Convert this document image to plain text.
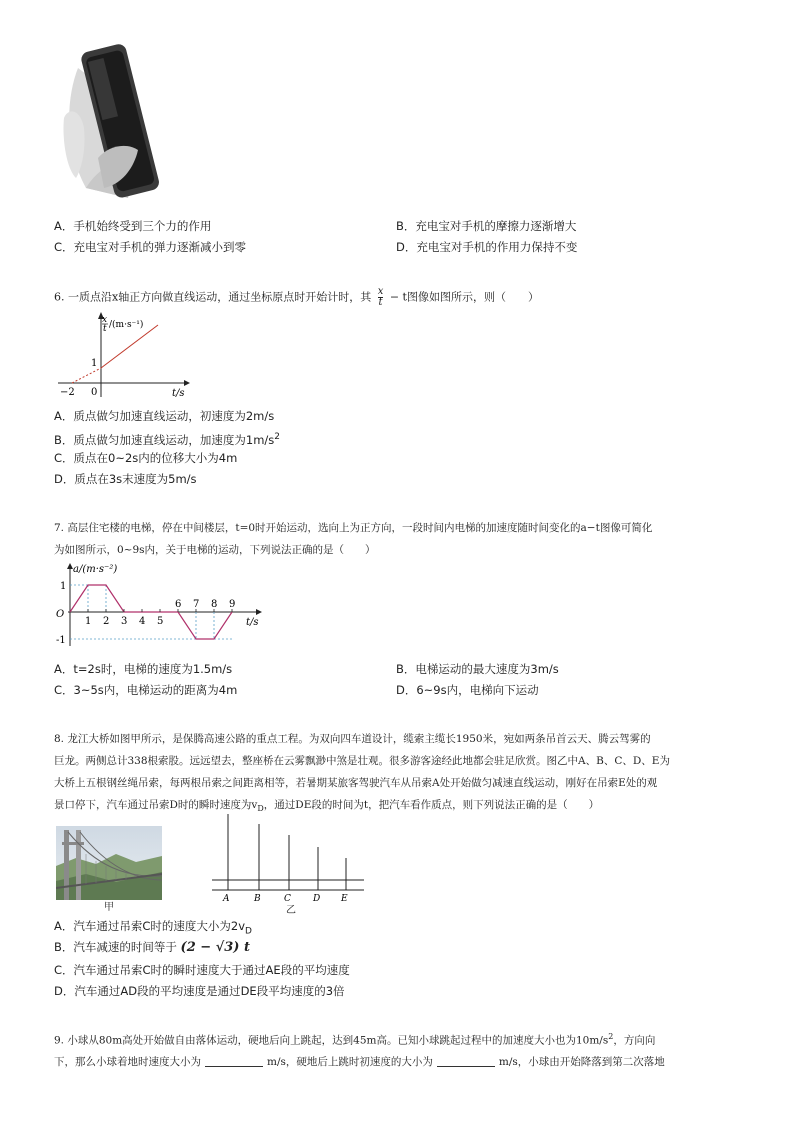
A．手机始终受到三个力的作用	B．充电宝对手机的摩擦力逐渐增大
C．充电宝对手机的弹力逐渐减小到零	D．充电宝对手机的作用力保持不变
6. 一质点沿x轴正方向做直线运动，通过坐标原点时开始计时，其 $\frac{x}{t} - t$图像如图所示，则（　　）
x
t /(m·s⁻¹)
1
−2 0	t/s
A．质点做匀加速直线运动，初速度为2m/s
B．质点做匀加速直线运动，加速度为$1m/s^2$
C．质点在0~2s内的位移大小为4m
D．质点在3s末速度为5m/s
7. 高层住宅楼的电梯，停在中间楼层，t=0时开始运动，选向上为正方向，一段时间内电梯的加速度随时间变化的a−t图像可简化
为如图所示，0~9s内，关于电梯的运动，下列说法正确的是（　　）
a/(m·s⁻²)
1
-1
O
1 2 3 4 5
6 7 8 9
t/s
A．t=2s时，电梯的速度为1.5m/s	B．电梯运动的最大速度为3m/s
C．3~5s内，电梯运动的距离为4m	D．6~9s内，电梯向下运动
8. 龙江大桥如图甲所示，是保腾高速公路的重点工程。为双向四车道设计，缆索主缆长1950米，宛如两条吊首云天、腾云驾雾的
巨龙。两侧总计338根索股。远远望去，整座桥在云雾飘渺中煞是壮观。很多游客途经此地都会驻足欣赏。图乙中A、B、C、D、E为
大桥上五根钢丝绳吊索，每两根吊索之间距离相等，若暑期某旅客驾驶汽车从吊索A处开始做匀减速直线运动，刚好在吊索E处的观
景口停下，汽车通过吊索D时的瞬时速度为$v_D$，通过DE段的时间为t，把汽车看作质点，则下列说法正确的是（　　）
甲
A	B	C D E
乙
A．汽车通过吊索C时的速度大小为$2v_D$
B．汽车减速的时间等于 (2 − √3) t
C．汽车通过吊索C时的瞬时速度大于通过AE段的平均速度
D．汽车通过AD段的平均速度是通过DE段平均速度的3倍
9. 小球从80m高处开始做自由落体运动，硬地后向上跳起，达到45m高。已知小球跳起过程中的加速度大小也为$10m/s^2$，方向向
下，那么小球着地时速度大小为	m/s，硬地后上跳时初速度的大小为	m/s，小球由开始降落到第二次落地
